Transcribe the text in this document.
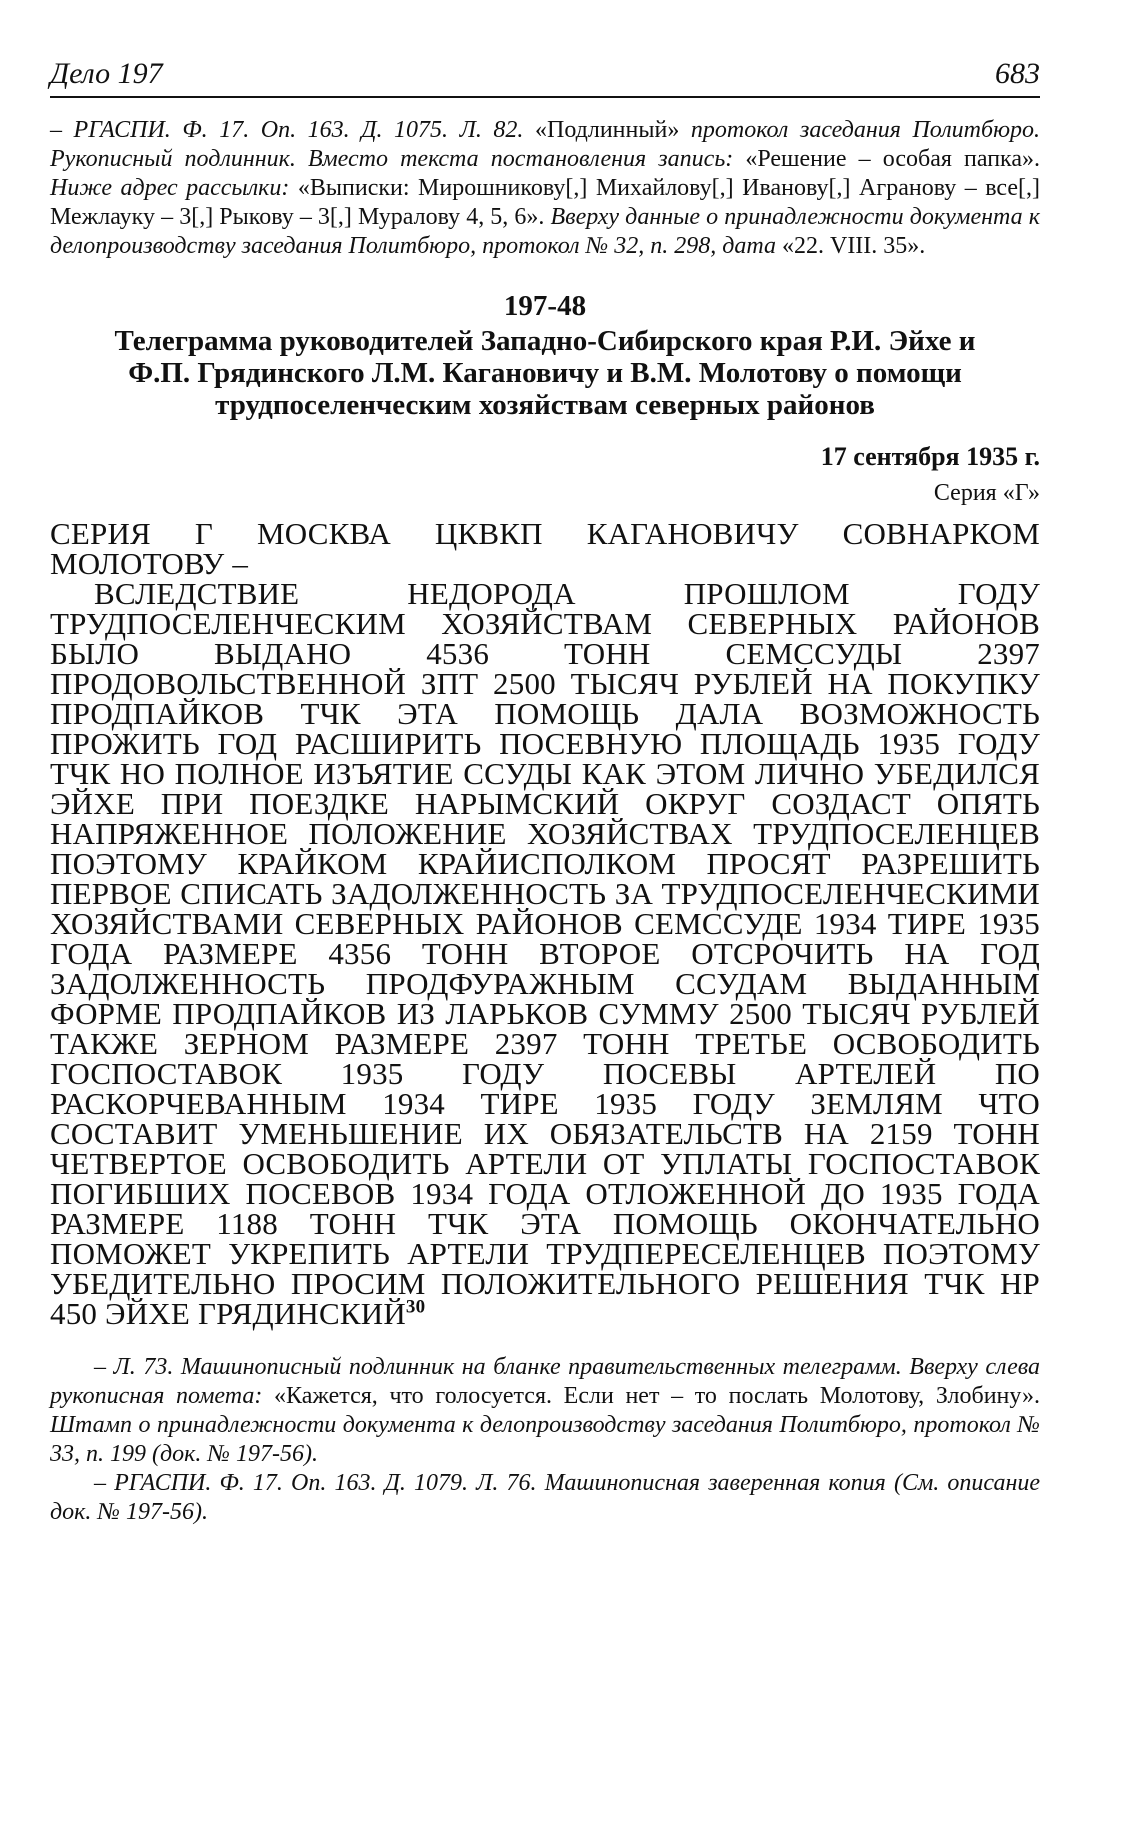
Дело 197	683

– РГАСПИ. Ф. 17. Оп. 163. Д. 1075. Л. 82. «Подлинный» протокол заседания Политбюро. Рукописный подлинник. Вместо текста постановления запись: «Решение – особая папка». Ниже адрес рассылки: «Выписки: Мирошникову[,] Михайлову[,] Иванову[,] Агранову – все[,] Межлауку – 3[,] Рыкову – 3[,] Муралову 4, 5, 6». Вверху данные о принадлежности документа к делопроизводству заседания Политбюро, протокол № 32, п. 298, дата «22. VIII. 35».

197-48
Телеграмма руководителей Западно-Сибирского края Р.И. Эйхе и Ф.П. Грядинского Л.М. Кагановичу и В.М. Молотову о помощи трудпоселенческим хозяйствам северных районов
17 сентября 1935 г.
Серия «Г»

СЕРИЯ Г МОСКВА ЦКВКП КАГАНОВИЧУ СОВНАРКОМ МОЛОТОВУ –

ВСЛЕДСТВИЕ НЕДОРОДА ПРОШЛОМ ГОДУ ТРУДПОСЕЛЕНЧЕСКИМ ХОЗЯЙСТВАМ СЕВЕРНЫХ РАЙОНОВ БЫЛО ВЫДАНО 4536 ТОНН СЕМССУДЫ 2397 ПРОДОВОЛЬСТВЕННОЙ ЗПТ 2500 ТЫСЯЧ РУБЛЕЙ НА ПОКУПКУ ПРОДПАЙКОВ ТЧК ЭТА ПОМОЩЬ ДАЛА ВОЗМОЖНОСТЬ ПРОЖИТЬ ГОД РАСШИРИТЬ ПОСЕВНУЮ ПЛОЩАДЬ 1935 ГОДУ ТЧК НО ПОЛНОЕ ИЗЪЯТИЕ ССУДЫ КАК ЭТОМ ЛИЧНО УБЕДИЛСЯ ЭЙХЕ ПРИ ПОЕЗДКЕ НАРЫМСКИЙ ОКРУГ СОЗДАСТ ОПЯТЬ НАПРЯЖЕННОЕ ПОЛОЖЕНИЕ ХОЗЯЙСТВАХ ТРУДПОСЕЛЕНЦЕВ ПОЭТОМУ КРАЙКОМ КРАЙИСПОЛКОМ ПРОСЯТ РАЗРЕШИТЬ ПЕРВОЕ СПИСАТЬ ЗАДОЛЖЕННОСТЬ ЗА ТРУДПОСЕЛЕНЧЕСКИМИ ХОЗЯЙСТВАМИ СЕВЕРНЫХ РАЙОНОВ СЕМССУДЕ 1934 ТИРЕ 1935 ГОДА РАЗМЕРЕ 4356 ТОНН ВТОРОЕ ОТСРОЧИТЬ НА ГОД ЗАДОЛЖЕННОСТЬ ПРОДФУРАЖНЫМ ССУДАМ ВЫДАННЫМ ФОРМЕ ПРОДПАЙКОВ ИЗ ЛАРЬКОВ СУММУ 2500 ТЫСЯЧ РУБЛЕЙ ТАКЖЕ ЗЕРНОМ РАЗМЕРЕ 2397 ТОНН ТРЕТЬЕ ОСВОБОДИТЬ ГОСПОСТАВОК 1935 ГОДУ ПОСЕВЫ АРТЕЛЕЙ ПО РАСКОРЧЕВАННЫМ 1934 ТИРЕ 1935 ГОДУ ЗЕМЛЯМ ЧТО СОСТАВИТ УМЕНЬШЕНИЕ ИХ ОБЯЗАТЕЛЬСТВ НА 2159 ТОНН ЧЕТВЕРТОЕ ОСВОБОДИТЬ АРТЕЛИ ОТ УПЛАТЫ ГОСПОСТАВОК ПОГИБШИХ ПОСЕВОВ 1934 ГОДА ОТЛОЖЕННОЙ ДО 1935 ГОДА РАЗМЕРЕ 1188 ТОНН ТЧК ЭТА ПОМОЩЬ ОКОНЧАТЕЛЬНО ПОМОЖЕТ УКРЕПИТЬ АРТЕЛИ ТРУДПЕРЕСЕЛЕНЦЕВ ПОЭТОМУ УБЕДИТЕЛЬНО ПРОСИМ ПОЛОЖИТЕЛЬНОГО РЕШЕНИЯ ТЧК НР 450 ЭЙХЕ ГРЯДИНСКИЙ$^{30}$

– Л. 73. Машинописный подлинник на бланке правительственных телеграмм. Вверху слева рукописная помета: «Кажется, что голосуется. Если нет – то послать Молотову, Злобину». Штамп о принадлежности документа к делопроизводству заседания Политбюро, протокол № 33, п. 199 (док. № 197-56).

– РГАСПИ. Ф. 17. Оп. 163. Д. 1079. Л. 76. Машинописная заверенная копия (См. описание док. № 197-56).
